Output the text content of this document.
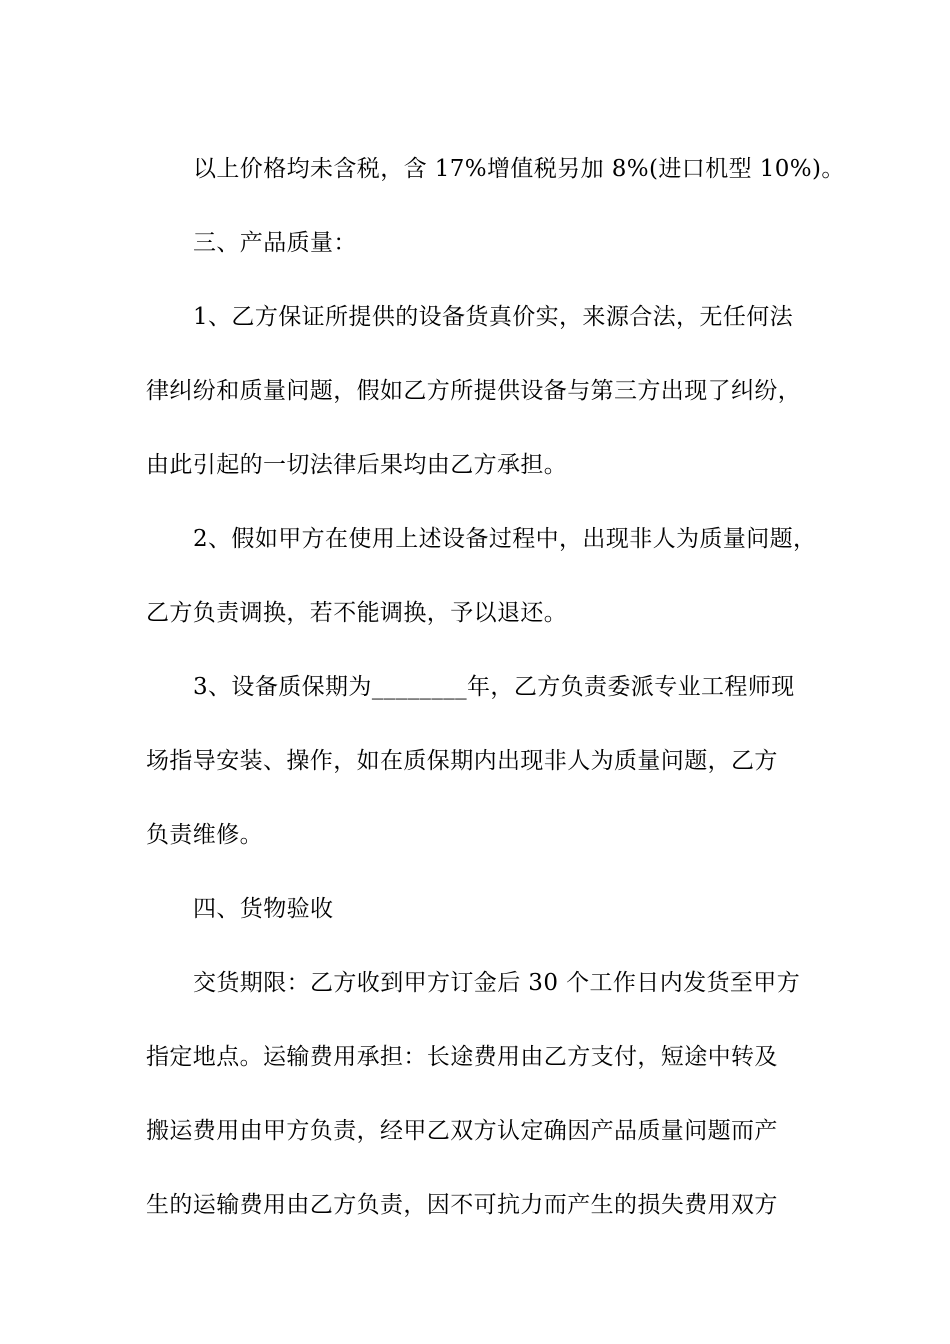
以上价格均未含税，含 17%增值税另加 8%(进口机型 10%)。
三、产品质量：
1、乙方保证所提供的设备货真价实，来源合法，无任何法
律纠纷和质量问题，假如乙方所提供设备与第三方出现了纠纷，
由此引起的一切法律后果均由乙方承担。
2、假如甲方在使用上述设备过程中，出现非人为质量问题，
乙方负责调换，若不能调换，予以退还。
3、设备质保期为________年，乙方负责委派专业工程师现
场指导安装、操作，如在质保期内出现非人为质量问题，乙方
负责维修。
四、货物验收
交货期限：乙方收到甲方订金后 30 个工作日内发货至甲方
指定地点。运输费用承担：长途费用由乙方支付，短途中转及
搬运费用由甲方负责，经甲乙双方认定确因产品质量问题而产
生的运输费用由乙方负责，因不可抗力而产生的损失费用双方
